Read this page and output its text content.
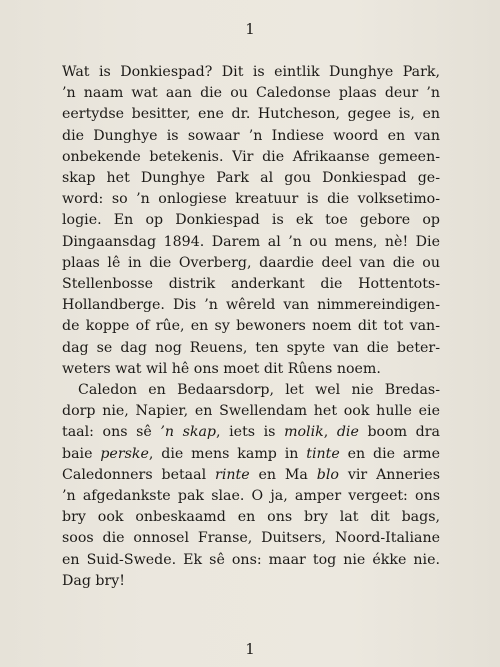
1

Wat is Donkiespad? Dit is eintlik Dunghye Park,
’n naam wat aan die ou Caledonse plaas deur ’n
eertydse besitter, ene dr. Hutcheson, gegee is, en
die Dunghye is sowaar ’n Indiese woord en van
onbekende betekenis. Vir die Afrikaanse gemeen-
skap het Dunghye Park al gou Donkiespad ge-
word: so ’n onlogiese kreatuur is die volksetimo-
logie. En op Donkiespad is ek toe gebore op
Dingaansdag 1894. Darem al ’n ou mens, nè! Die
plaas lê in die Overberg, daardie deel van die ou
Stellenbosse distrik anderkant die Hottentots-
Hollandberge. Dis ’n wêreld van nimmereindigen-
de koppe of rûe, en sy bewoners noem dit tot van-
dag se dag nog Reuens, ten spyte van die beter-
weters wat wil hê ons moet dit Rûens noem.

Caledon en Bedaarsdorp, let wel nie Bredas-
dorp nie, Napier, en Swellendam het ook hulle eie
taal: ons sê ’n skap, iets is molik, die boom dra
baie perske, die mens kamp in tinte en die arme
Caledonners betaal rinte en Ma blo vir Anneries
’n afgedankste pak slae. O ja, amper vergeet: ons
bry ook onbeskaamd en ons bry lat dit bags,
soos die onnosel Franse, Duitsers, Noord-Italiane
en Suid-Swede. Ek sê ons: maar tog nie ékke nie.
Dag bry!

1
